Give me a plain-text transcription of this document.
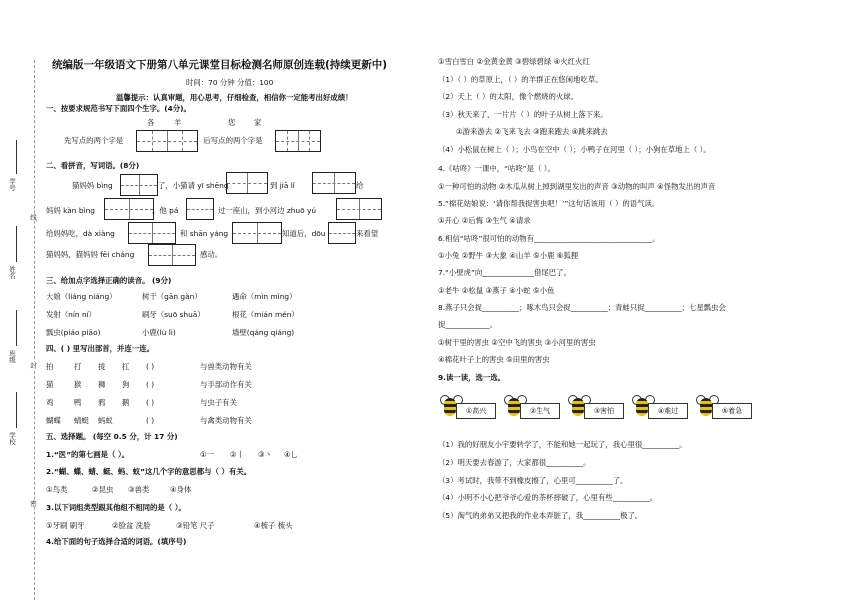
学号
姓名
班级
学校
线
封
密
统编版一年级语文下册第八单元课堂目标检测名师原创连载(持续更新中)
时间：70 分钟 分值：100
温馨提示：认真审题，用心思考，仔细检查，相信你一定能考出好成绩！
一、按要求规范书写下面四个生字。(4分)。
各	羊	您	家
先写点的两个字是	，后写点的两个字是
二、看拼音，写词语。(8分)
猫妈妈 bìng	了，小猫请 yī shēng	到 jiā lǐ	给
妈妈 kàn bìng	。他 pá	过一座山，到小河边 zhuō yú
给妈妈吃，dà xiàng	和 shān yáng	知道后，dōu	来看望
猫妈妈，猫妈妈 fēi cháng	感动。
三、给加点字选择正确的读音。 (9分)
大娘（liáng niáng）	树干（gān gàn）	遇命（mìn mìng）
发射（nín ní）	刷牙（suō shuā）	根花（mián mén）
瓢虫(piáo piāo)	小鹿(lù lì)	墙壁(qáng qiáng)
四、( ) 里写出部首，并连一连。
拍	打 拢 扛 ( )	与兽类动物有关
猫	猴 狮 狗 ( )	与手部动作有关
鸡	鸭 鸦 鹅 ( )	与虫子有关
蝴蝶 蜻蜓 蚂蚁	( )	与禽类动物有关
五、选择题。 (每空 0.5 分，计 17 分)
1.“医”的第七画是（ ）。	①一 ②丨 ③丶 ④乚
2.“蝴、蝶、蜻、蜓、蚂、蚁”这几个字的意思都与（ ）有关。
①鸟类	②昆虫 ③兽类	④身体
3.以下词组类型跟其他组不相同的是（ ）。
①牙刷 刷牙	②脸盆 洗脸	③铅笔 尺子	④梳子 梳头
4.给下面的句子选择合适的词语。(填序号)
①雪白雪白 ②金黄金黄 ③碧绿碧绿 ④火红火红
（1）（ ）的草原上，（ ）的羊群正在悠闲地吃草。
（2）天上（ ）的太阳，像个燃烧的火球。
（3）秋天来了，一片片（ ）的叶子从树上落下来。
①游来游去 ②飞来飞去 ③跑来跑去 ④跳来跳去
（4）小松鼠在树上（ ）；小鸟在空中（ ）；小鸭子在河里（ ）；小狗在草地上（ ）。
4.《咕咚》一课中，“咕咚”是（ ）。
①一种可怕的动物 ②木瓜从树上掉到湖里发出的声音 ③动物的叫声 ④怪物发出的声音
5.“棉花姑娘说：‘请你帮我捉害虫吧！’”这句话该用（ ）的语气读。
①开心 ②后悔 ③生气 ④请求
6.相信“咕咚”很可怕的动物有________________________________。
①小兔 ②野牛 ③大象 ④山羊 ⑤小鹿 ⑥狐狸
7.“小壁虎”向______________借尾巴了。
①老牛 ②松鼠 ③燕子 ④小蛇 ⑤小鱼
8.燕子只会捉__________；啄木鸟只会捉__________；青蛙只捉__________；七星瓢虫会
捉____________。
①树干里的害虫 ②空中飞的害虫 ③小河里的害虫
④棉花叶子上的害虫 ⑤田里的害虫
9.读一读，选一选。
①高兴	②生气	③害怕	④难过	⑤着急
（1）我的好朋友小宇要转学了，不能和她一起玩了，我心里很__________。
（2）明天要去春游了，大家都很__________。
（3）考试时，我带不到橡皮擦了，心里可__________了。
（4）小明不小心把爷爷心爱的茶杯摔破了，心里有些__________。
（5）淘气的弟弟又把我的作业本弄脏了，我__________极了。
